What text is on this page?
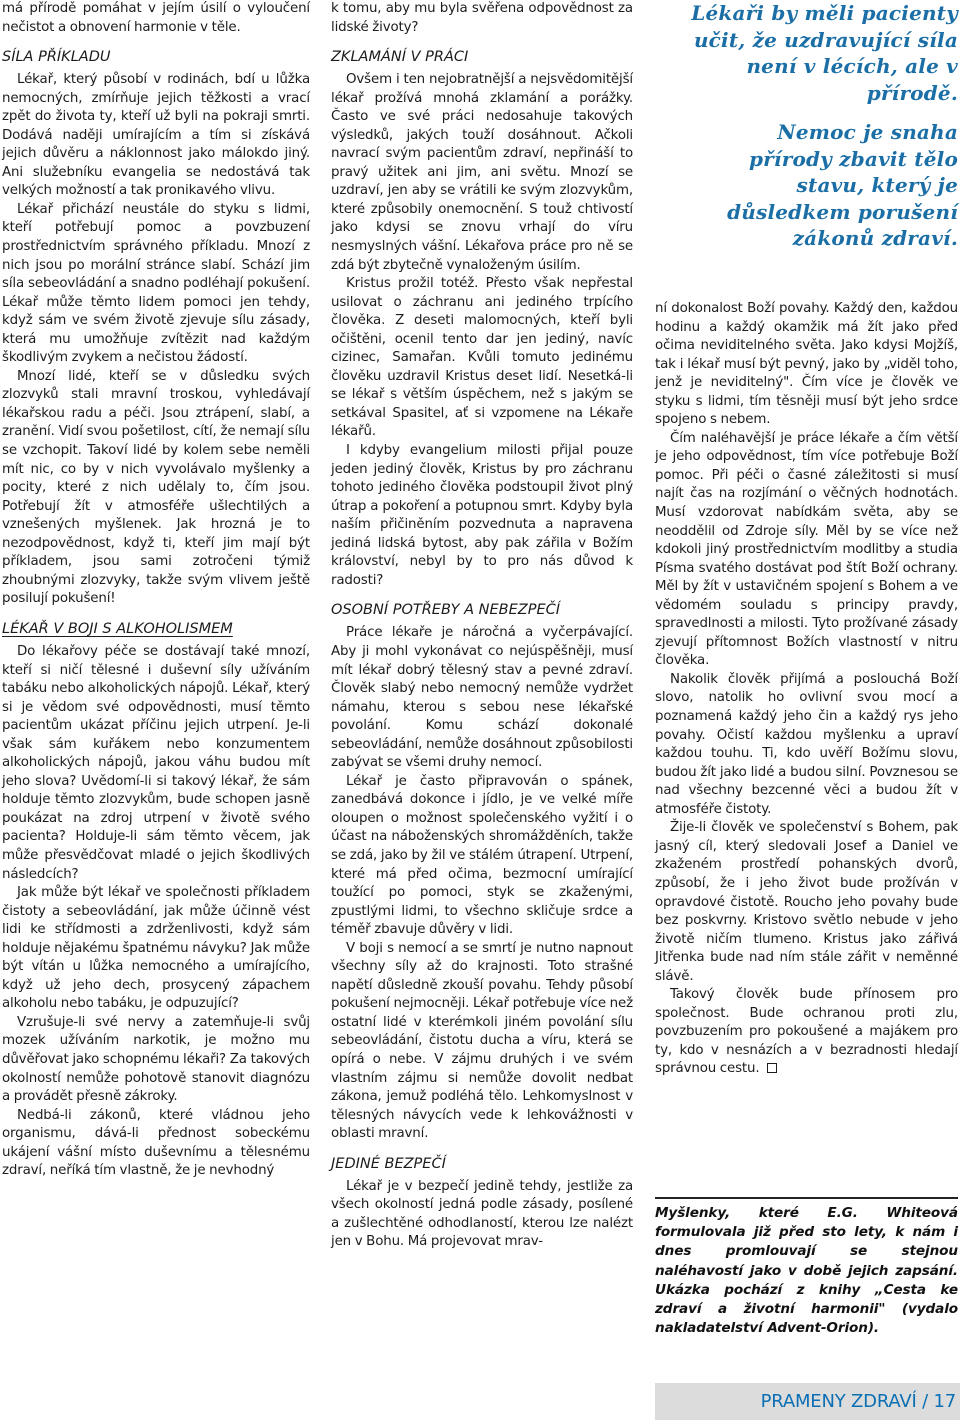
má přírodě pomáhat v jejím úsilí o vyloučení nečistot a obnovení harmonie v těle.

SÍLA PŘÍKLADU

Lékař, který působí v rodinách, bdí u lůžka nemocných, zmírňuje jejich těžkosti a vrací zpět do života ty, kteří už byli na pokraji smrti. Dodává naději umírajícím a tím si získává jejich důvěru a náklonnost jako málokdo jiný. Ani služebníku evangelia se nedostává tak velkých možností a tak pronikavého vlivu.

Lékař přichází neustále do styku s lidmi, kteří potřebují pomoc a povzbuzení prostřednictvím správného příkladu. Mnozí z nich jsou po morální stránce slabí. Schází jim síla sebeovládání a snadno podléhají pokušení. Lékař může těmto lidem pomoci jen tehdy, když sám ve svém životě zjevuje sílu zásady, která mu umožňuje zvítězit nad každým škodlivým zvykem a nečistou žádostí.

Mnozí lidé, kteří se v důsledku svých zlozvyků stali mravní troskou, vyhledávají lékařskou radu a péči. Jsou ztrápení, slabí, a zranění. Vidí svou pošetilost, cítí, že nemají sílu se vzchopit. Takoví lidé by kolem sebe neměli mít nic, co by v nich vyvolávalo myšlenky a pocity, které z nich udělaly to, čím jsou. Potřebují žít v atmosféře ušlechtilých a vznešených myšlenek. Jak hrozná je to nezodpovědnost, když ti, kteří jim mají být příkladem, jsou sami zotročeni týmiž zhoubnými zlozvyky, takže svým vlivem ještě posilují pokušení!

LÉKAŘ V BOJI S ALKOHOLISMEM

Do lékařovy péče se dostávají také mnozí, kteří si ničí tělesné i duševní síly užíváním tabáku nebo alkoholických nápojů. Lékař, který si je vědom své odpovědnosti, musí těmto pacientům ukázat příčinu jejich utrpení. Je-li však sám kuřákem nebo konzumentem alkoholických nápojů, jakou váhu budou mít jeho slova? Uvědomí-li si takový lékař, že sám holduje těmto zlozvykům, bude schopen jasně poukázat na zdroj utrpení v životě svého pacienta? Holduje-li sám těmto věcem, jak může přesvědčovat mladé o jejich škodlivých následcích?

Jak může být lékař ve společnosti příkladem čistoty a sebeovládání, jak může účinně vést lidi ke střídmosti a zdrženlivosti, když sám holduje nějakému špatnému návyku? Jak může být vítán u lůžka nemocného a umírajícího, když už jeho dech, prosycený zápachem alkoholu nebo tabáku, je odpuzující?

Vzrušuje-li své nervy a zatemňuje-li svůj mozek užíváním narkotik, je možno mu důvěřovat jako schopnému lékaři? Za takových okolností nemůže pohotově stanovit diagnózu a provádět přesně zákroky.

Nedbá-li zákonů, které vládnou jeho organismu, dává-li přednost sobeckému ukájení vášní místo duševnímu a tělesnému zdraví, neříká tím vlastně, že je nevhodný

k tomu, aby mu byla svěřena odpovědnost za lidské životy?

ZKLAMÁNÍ V PRÁCI

Ovšem i ten nejobratnější a nejsvědomitější lékař prožívá mnohá zklamání a porážky. Často ve své práci nedosahuje takových výsledků, jakých touží dosáhnout. Ačkoli navrací svým pacientům zdraví, nepřináší to pravý užitek ani jim, ani světu. Mnozí se uzdraví, jen aby se vrátili ke svým zlozvykům, které způsobily onemocnění. S touž chtivostí jako kdysi se znovu vrhají do víru nesmyslných vášní. Lékařova práce pro ně se zdá být zbytečně vynaloženým úsilím.

Kristus prožil totéž. Přesto však nepřestal usilovat o záchranu ani jediného trpícího člověka. Z deseti malomocných, kteří byli očištěni, ocenil tento dar jen jediný, navíc cizinec, Samařan. Kvůli tomuto jedinému člověku uzdravil Kristus deset lidí. Nesetká-li se lékař s větším úspěchem, než s jakým se setkával Spasitel, ať si vzpomene na Lékaře lékařů.

I kdyby evangelium milosti přijal pouze jeden jediný člověk, Kristus by pro záchranu tohoto jediného člověka podstoupil život plný útrap a pokoření a potupnou smrt. Kdyby byla naším přičiněním pozvednuta a napravena jediná lidská bytost, aby pak zářila v Božím království, nebyl by to pro nás důvod k radosti?

OSOBNÍ POTŘEBY A NEBEZPEČÍ

Práce lékaře je náročná a vyčerpávající. Aby ji mohl vykonávat co nejúspěšněji, musí mít lékař dobrý tělesný stav a pevné zdraví. Člověk slabý nebo nemocný nemůže vydržet námahu, kterou s sebou nese lékařské povolání. Komu schází dokonalé sebeovládání, nemůže dosáhnout způsobilosti zabývat se všemi druhy nemocí.

Lékař je často připravován o spánek, zanedbává dokonce i jídlo, je ve velké míře oloupen o možnost společenského vyžití i o účast na náboženských shromážděních, takže se zdá, jako by žil ve stálém útrapení. Utrpení, které má před očima, bezmocní umírající toužící po pomoci, styk se zkaženými, zpustlými lidmi, to všechno skličuje srdce a téměř zbavuje důvěry v lidi.

V boji s nemocí a se smrtí je nutno napnout všechny síly až do krajnosti. Toto strašné napětí důsledně zkouší povahu. Tehdy působí pokušení nejmocněji. Lékař potřebuje více než ostatní lidé v kterémkoli jiném povolání sílu sebeovládání, čistotu ducha a víru, která se opírá o nebe. V zájmu druhých i ve svém vlastním zájmu si nemůže dovolit nedbat zákona, jemuž podléhá tělo. Lehkomyslnost v tělesných návycích vede k lehkovážnosti v oblasti mravní.

JEDINÉ BEZPEČÍ

Lékař je v bezpečí jedině tehdy, jestliže za všech okolností jedná podle zásady, posílené a zušlechtěné odhodlaností, kterou lze nalézt jen v Bohu. Má projevovat mrav-

Lékaři by měli pacienty učit, že uzdravující síla není v lécích, ale v přírodě.

Nemoc je snaha přírody zbavit tělo stavu, který je důsledkem porušení zákonů zdraví.

ní dokonalost Boží povahy. Každý den, každou hodinu a každý okamžik má žít jako před očima neviditelného světa. Jako kdysi Mojžíš, tak i lékař musí být pevný, jako by „viděl toho, jenž je neviditelný". Čím více je člověk ve styku s lidmi, tím těsněji musí být jeho srdce spojeno s nebem.

Čím naléhavější je práce lékaře a čím větší je jeho odpovědnost, tím více potřebuje Boží pomoc. Při péči o časné záležitosti si musí najít čas na rozjímání o věčných hodnotách. Musí vzdorovat nabídkám světa, aby se neoddělil od Zdroje síly. Měl by se více než kdokoli jiný prostřednictvím modlitby a studia Písma svatého dostávat pod štít Boží ochrany. Měl by žít v ustavičném spojení s Bohem a ve vědomém souladu s principy pravdy, spravedlnosti a milosti. Tyto prožívané zásady zjevují přítomnost Božích vlastností v nitru člověka.

Nakolik člověk přijímá a poslouchá Boží slovo, natolik ho ovlivní svou mocí a poznamená každý jeho čin a každý rys jeho povahy. Očistí každou myšlenku a upraví každou touhu. Ti, kdo uvěří Božímu slovu, budou žít jako lidé a budou silní. Povznesou se nad všechny bezcenné věci a budou žít v atmosféře čistoty.

Žije-li člověk ve společenství s Bohem, pak jasný cíl, který sledovali Josef a Daniel ve zkaženém prostředí pohanských dvorů, způsobí, že i jeho život bude prožíván v opravdové čistotě. Roucho jeho povahy bude bez poskvrny. Kristovo světlo nebude v jeho životě ničím tlumeno. Kristus jako zářivá Jitřenka bude nad ním stále zářit v neměnné slávě.

Takový člověk bude přínosem pro společnost. Bude ochranou proti zlu, povzbuzením pro pokoušené a majákem pro ty, kdo v nesnázích a v bezradnosti hledají správnou cestu.

Myšlenky, které E.G. Whiteová formulovala již před sto lety, k nám i dnes promlouvají se stejnou naléhavostí jako v době jejich zapsání. Ukázka pochází z knihy „Cesta ke zdraví a životní harmonii" (vydalo nakladatelství Advent-Orion).
PRAMENY ZDRAVÍ / 17
